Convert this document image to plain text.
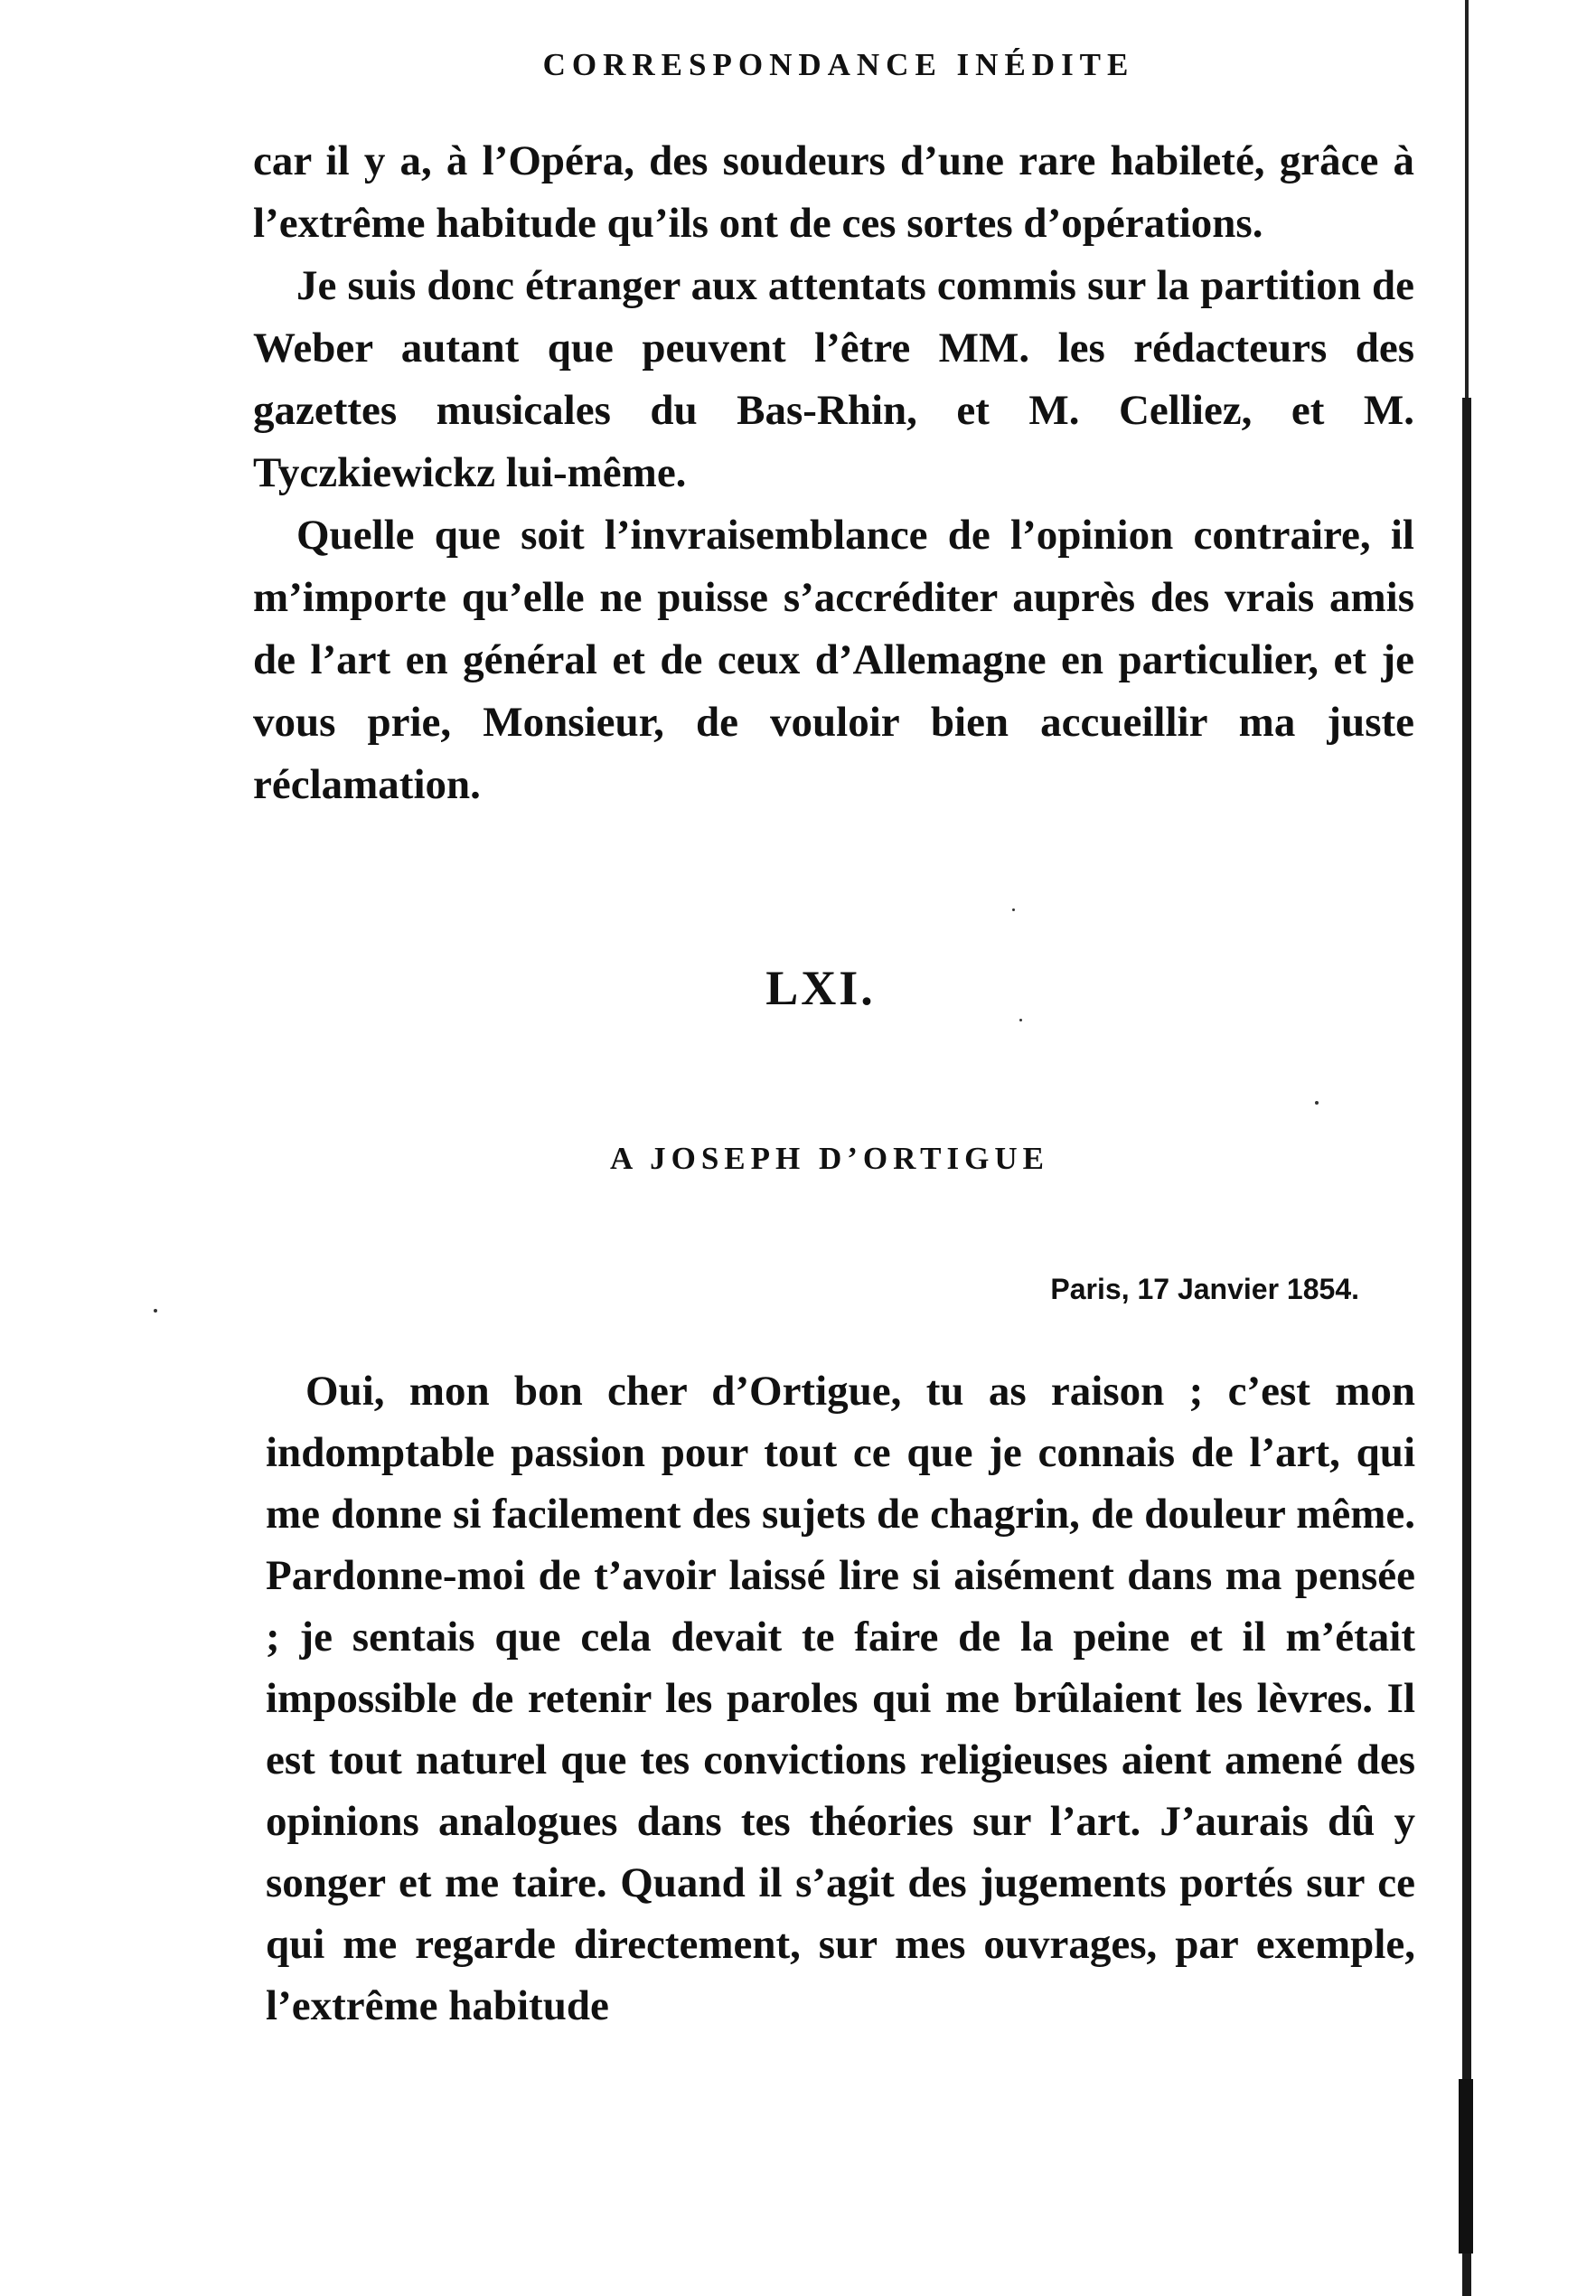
CORRESPONDANCE INÉDITE

car il y a, à l’Opéra, des soudeurs d’une rare habileté, grâce à l’extrême habitude qu’ils ont de ces sortes d’opérations.

Je suis donc étranger aux attentats commis sur la partition de Weber autant que peuvent l’être MM. les rédacteurs des gazettes musicales du Bas-Rhin, et M. Celliez, et M. Tyczkiewickz lui-même.

Quelle que soit l’invraisemblance de l’opinion contraire, il m’importe qu’elle ne puisse s’accréditer auprès des vrais amis de l’art en général et de ceux d’Allemagne en particulier, et je vous prie, Monsieur, de vouloir bien accueillir ma juste réclamation.

LXI.
A JOSEPH D’ORTIGUE
Paris, 17 Janvier 1854.

Oui, mon bon cher d’Ortigue, tu as raison ; c’est mon indomptable passion pour tout ce que je connais de l’art, qui me donne si facilement des sujets de chagrin, de douleur même. Pardonne-moi de t’avoir laissé lire si aisément dans ma pensée ; je sentais que cela devait te faire de la peine et il m’était impossible de retenir les paroles qui me brûlaient les lèvres. Il est tout naturel que tes convictions religieuses aient amené des opinions analogues dans tes théories sur l’art. J’aurais dû y songer et me taire. Quand il s’agit des jugements portés sur ce qui me regarde directement, sur mes ouvrages, par exemple, l’extrême habitude
